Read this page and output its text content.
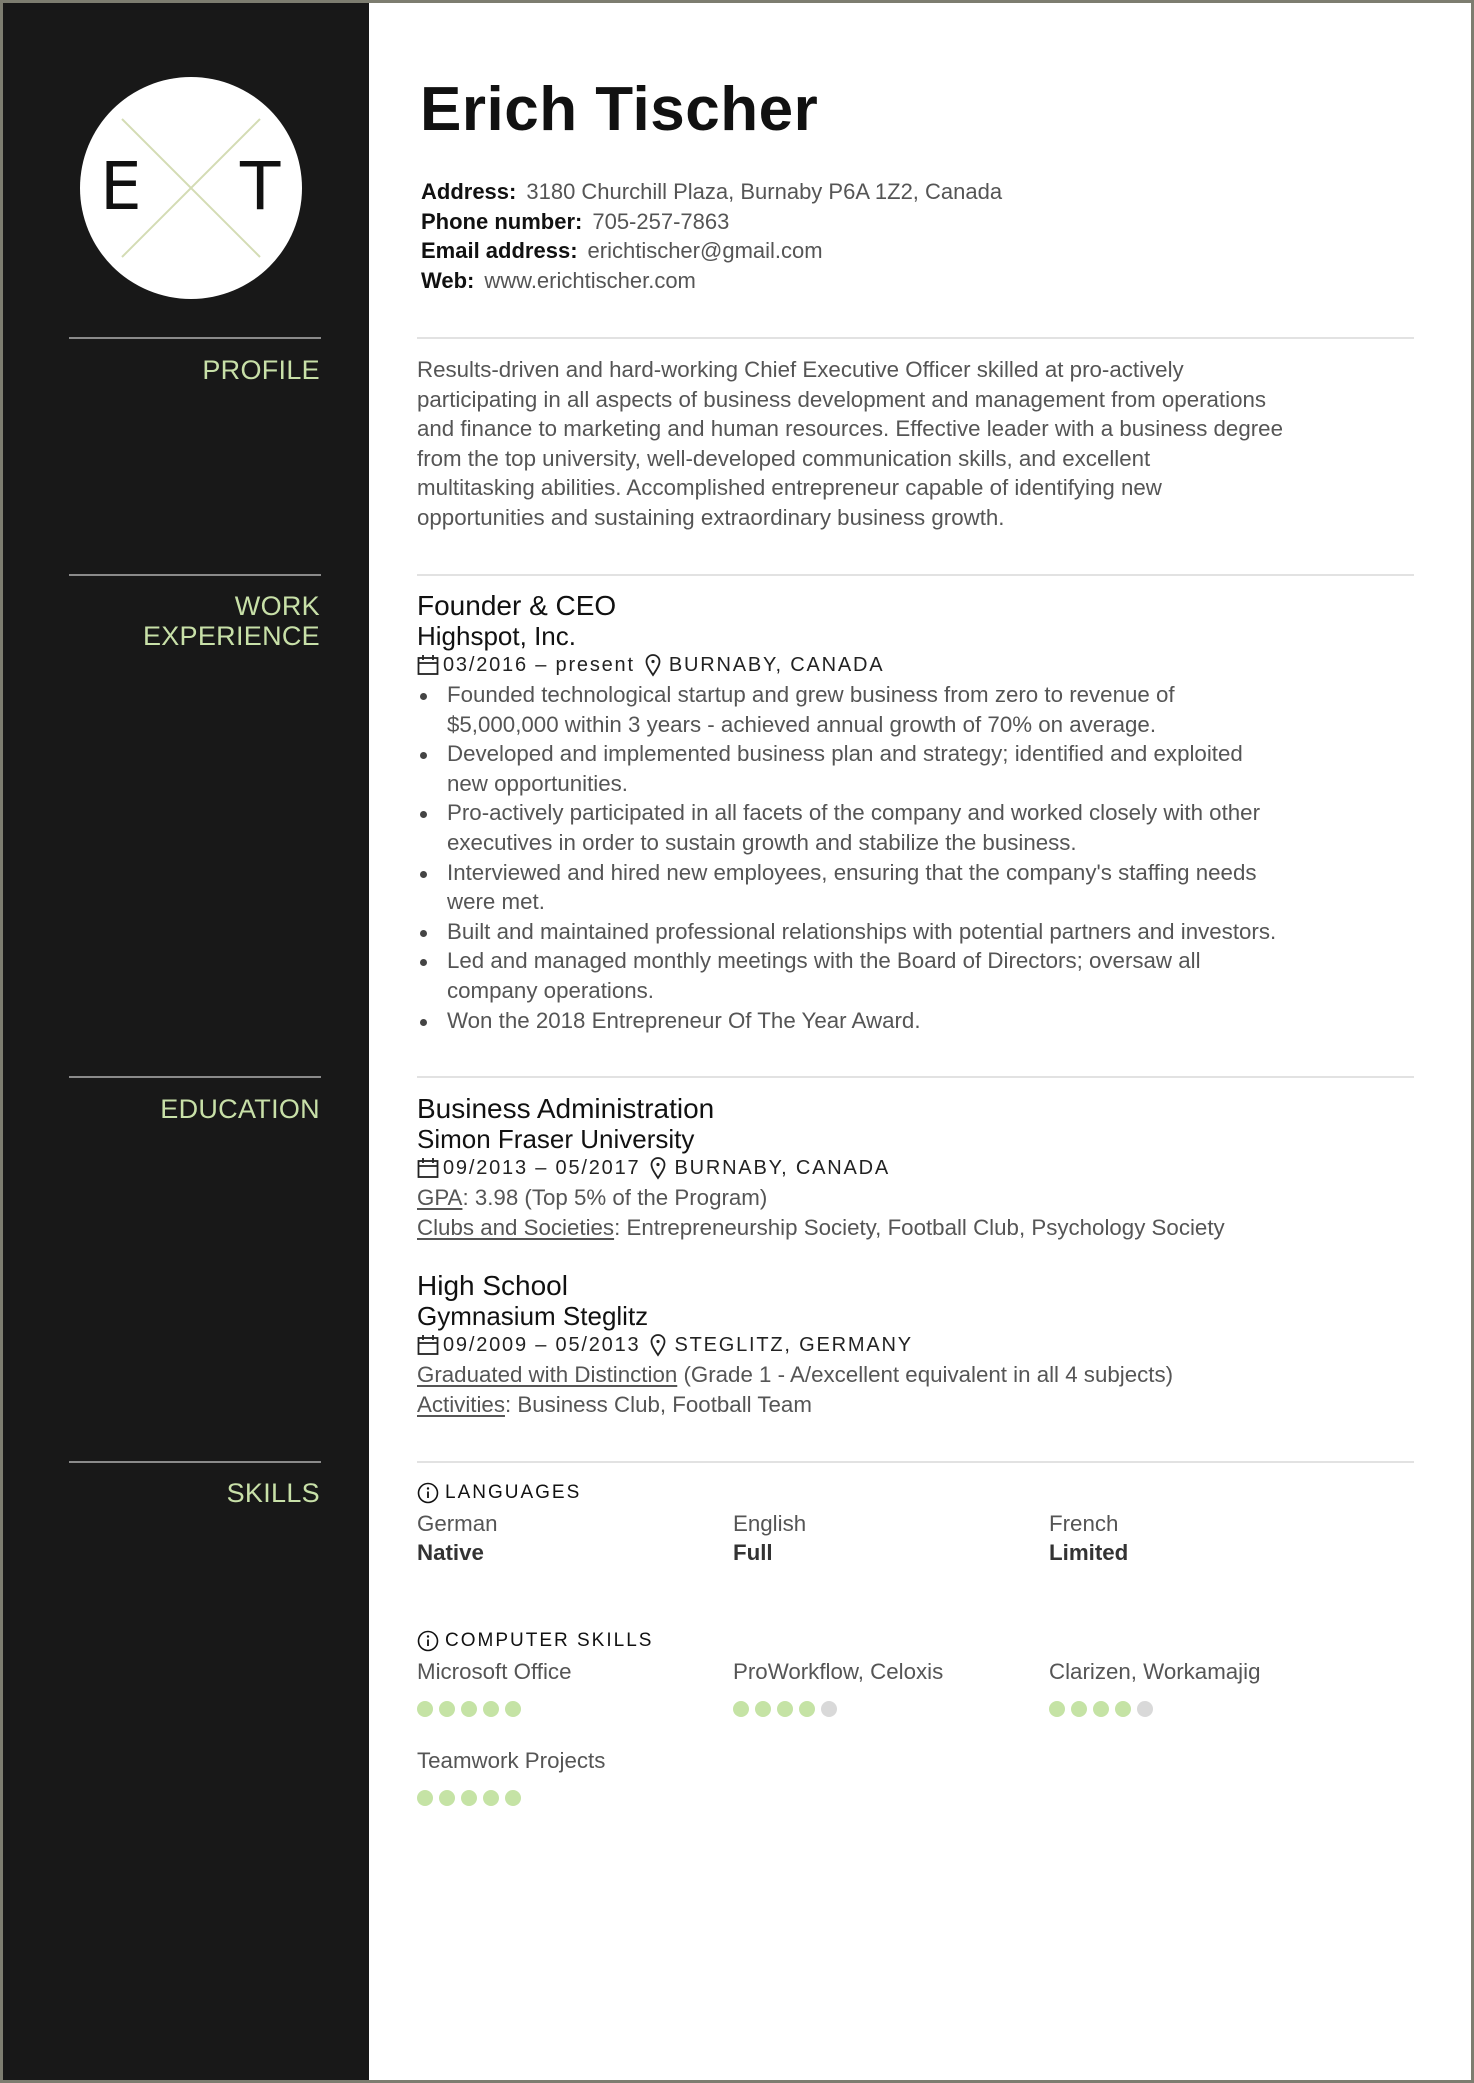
E T
PROFILE
WORK
EXPERIENCE
EDUCATION
SKILLS
Erich Tischer
Address: 3180 Churchill Plaza, Burnaby P6A 1Z2, Canada
Phone number: 705-257-7863
Email address: erichtischer@gmail.com
Web: www.erichtischer.com
Results-driven and hard-working Chief Executive Officer skilled at pro-actively
participating in all aspects of business development and management from operations
and finance to marketing and human resources. Effective leader with a business degree
from the top university, well-developed communication skills, and excellent
multitasking abilities. Accomplished entrepreneur capable of identifying new
opportunities and sustaining extraordinary business growth.
Founder & CEO
Highspot, Inc.
03/2016 – present BURNABY, CANADA
Founded technological startup and grew business from zero to revenue of
$5,000,000 within 3 years - achieved annual growth of 70% on average.
Developed and implemented business plan and strategy; identified and exploited
new opportunities.
Pro-actively participated in all facets of the company and worked closely with other
executives in order to sustain growth and stabilize the business.
Interviewed and hired new employees, ensuring that the company's staffing needs
were met.
Built and maintained professional relationships with potential partners and investors.
Led and managed monthly meetings with the Board of Directors; oversaw all
company operations.
Won the 2018 Entrepreneur Of The Year Award.
Business Administration
Simon Fraser University
09/2013 – 05/2017 BURNABY, CANADA
GPA: 3.98 (Top 5% of the Program)
Clubs and Societies: Entrepreneurship Society, Football Club, Psychology Society
High School
Gymnasium Steglitz
09/2009 – 05/2013 STEGLITZ, GERMANY
Graduated with Distinction (Grade 1 - A/excellent equivalent in all 4 subjects)
Activities: Business Club, Football Team
LANGUAGES
German
Native
English
Full
French
Limited
COMPUTER SKILLS
Microsoft Office	ProWorkflow, Celoxis	Clarizen, Workamajig
Teamwork Projects
